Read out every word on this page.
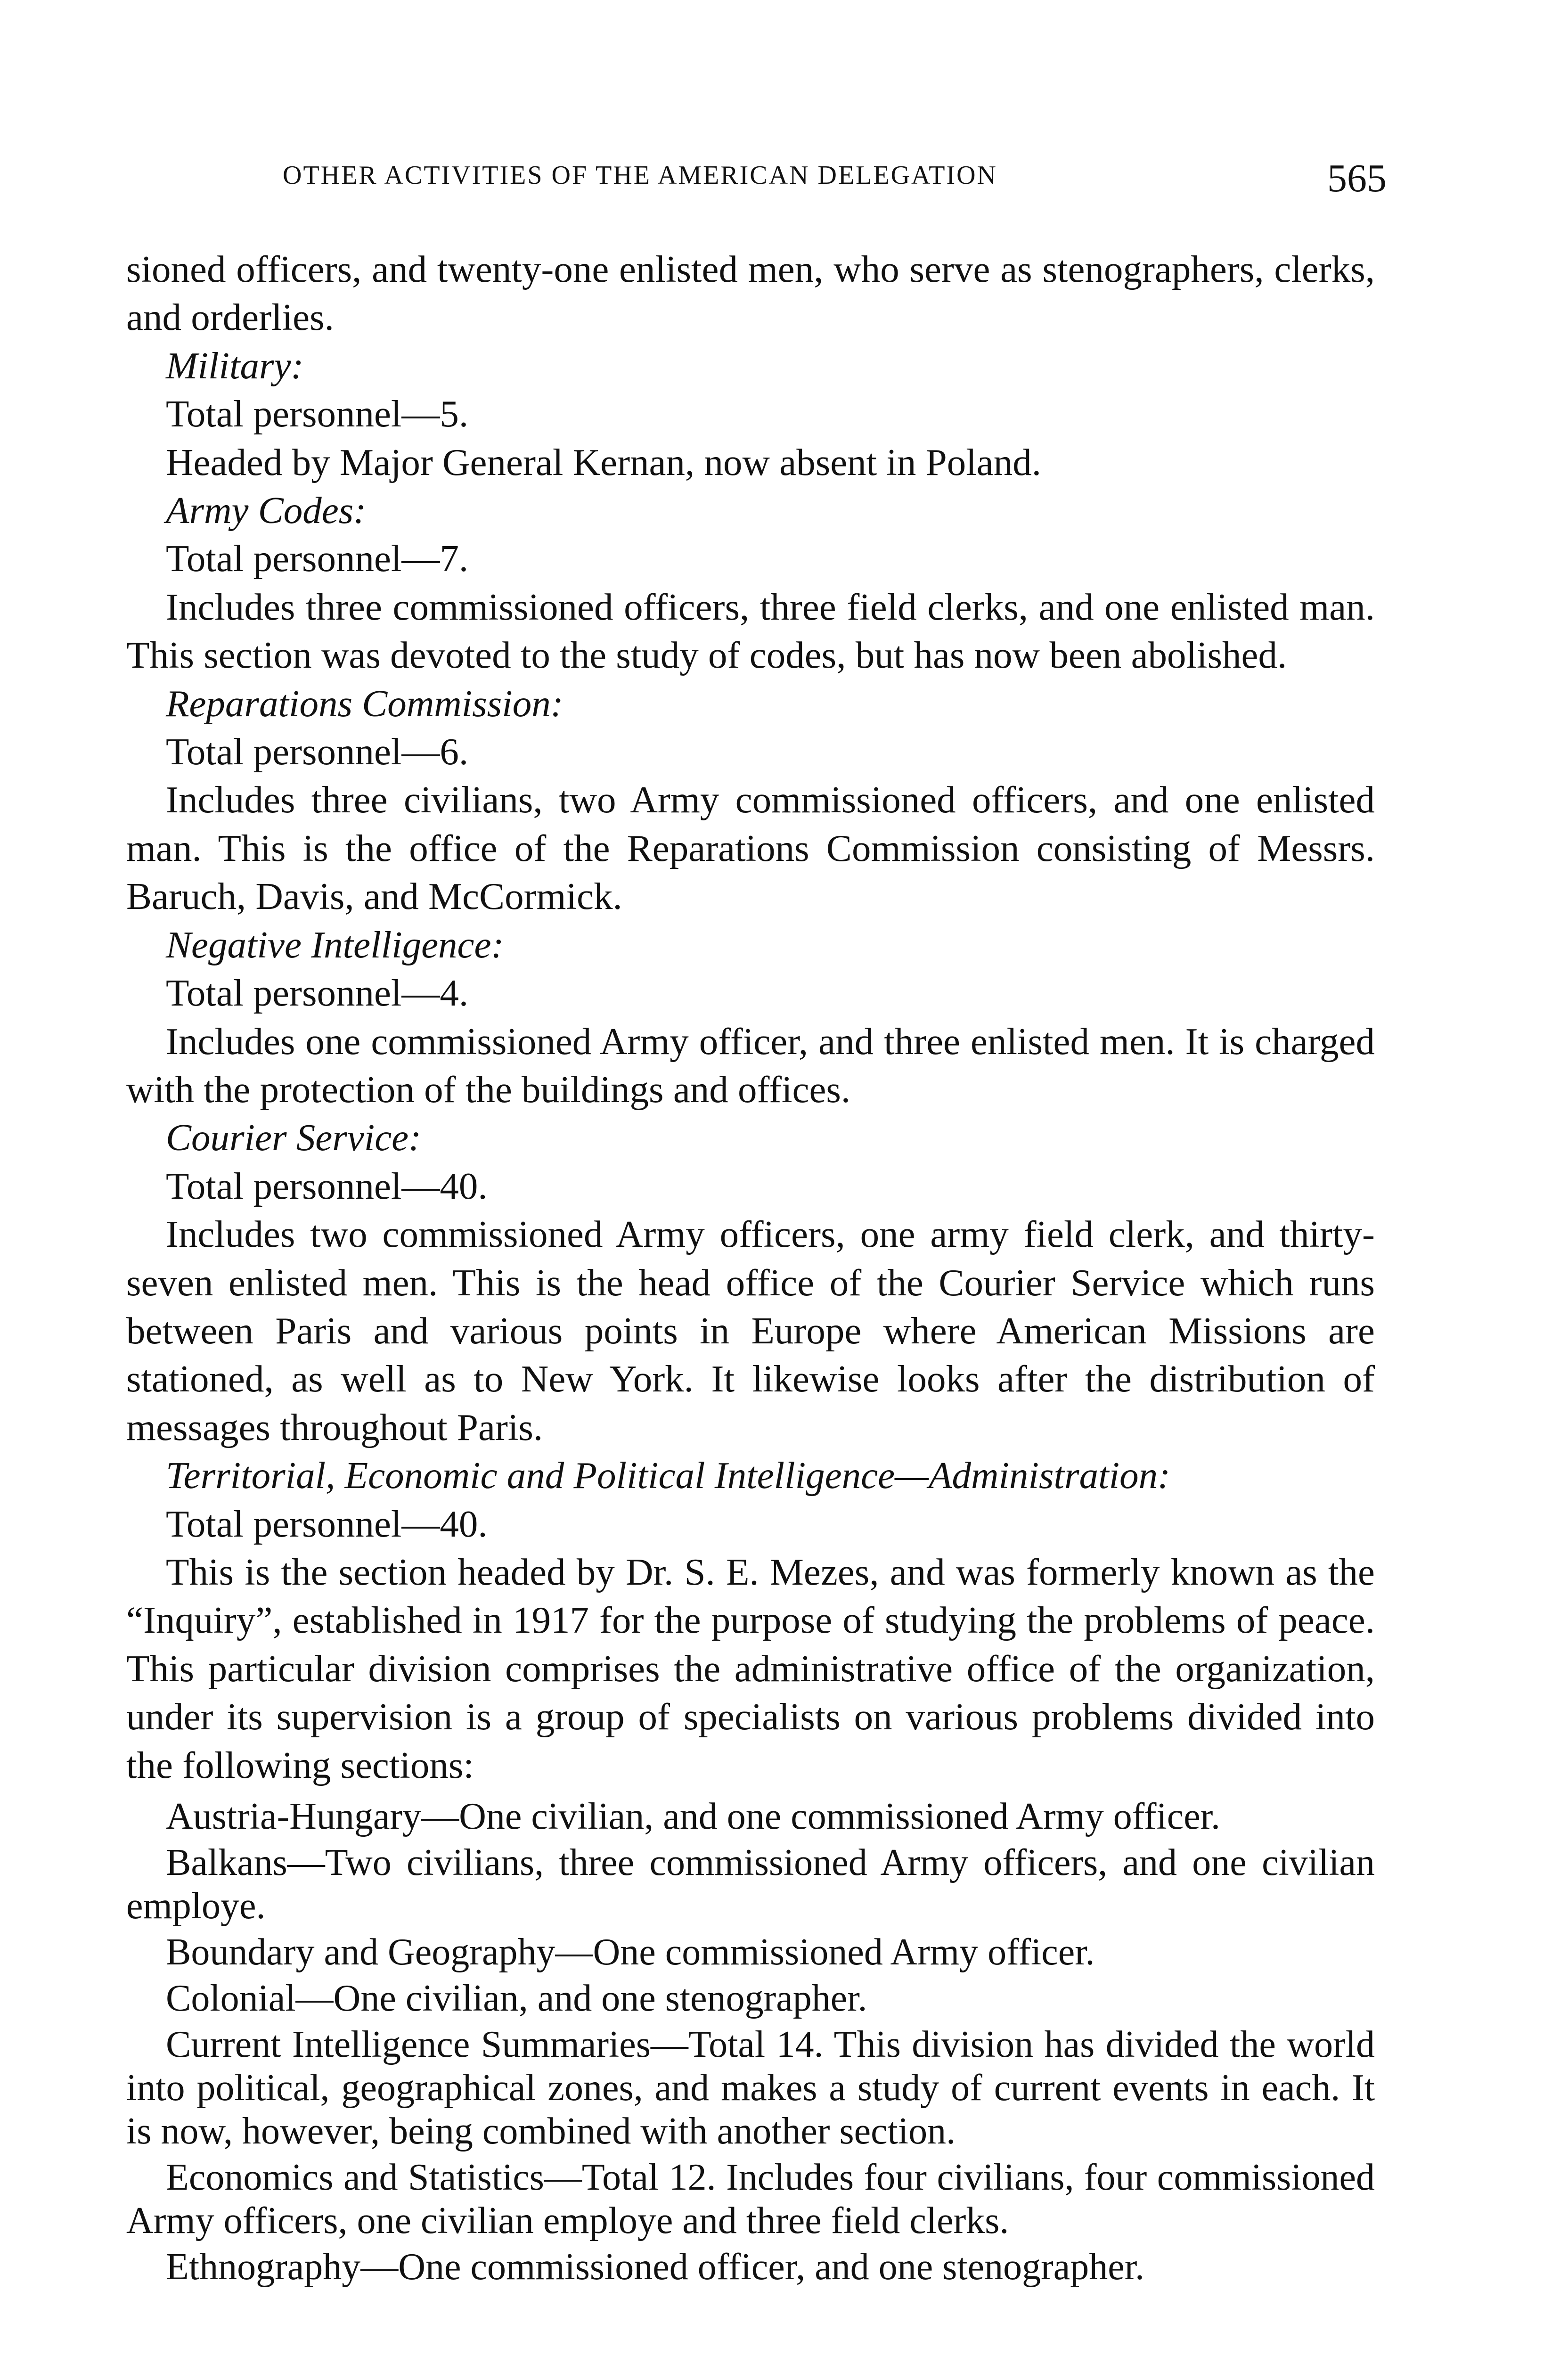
OTHER ACTIVITIES OF THE AMERICAN DELEGATION	565

sioned officers, and twenty-one enlisted men, who serve as stenographers, clerks, and orderlies.

Military:

Total personnel—5.

Headed by Major General Kernan, now absent in Poland.

Army Codes:

Total personnel—7.

Includes three commissioned officers, three field clerks, and one enlisted man. This section was devoted to the study of codes, but has now been abolished.

Reparations Commission:

Total personnel—6.

Includes three civilians, two Army commissioned officers, and one enlisted man. This is the office of the Reparations Commission consisting of Messrs. Baruch, Davis, and McCormick.

Negative Intelligence:

Total personnel—4.

Includes one commissioned Army officer, and three enlisted men. It is charged with the protection of the buildings and offices.

Courier Service:

Total personnel—40.

Includes two commissioned Army officers, one army field clerk, and thirty-seven enlisted men. This is the head office of the Courier Service which runs between Paris and various points in Europe where American Missions are stationed, as well as to New York. It likewise looks after the distribution of messages throughout Paris.

Territorial, Economic and Political Intelligence—Administration:

Total personnel—40.

This is the section headed by Dr. S. E. Mezes, and was formerly known as the “Inquiry”, established in 1917 for the purpose of studying the problems of peace. This particular division comprises the administrative office of the organization, under its supervision is a group of specialists on various problems divided into the following sections:

Austria-Hungary—One civilian, and one commissioned Army officer.

Balkans—Two civilians, three commissioned Army officers, and one civilian employe.

Boundary and Geography—One commissioned Army officer.

Colonial—One civilian, and one stenographer.

Current Intelligence Summaries—Total 14. This division has divided the world into political, geographical zones, and makes a study of current events in each. It is now, however, being combined with another section.

Economics and Statistics—Total 12. Includes four civilians, four commissioned Army officers, one civilian employe and three field clerks.

Ethnography—One commissioned officer, and one stenographer.
